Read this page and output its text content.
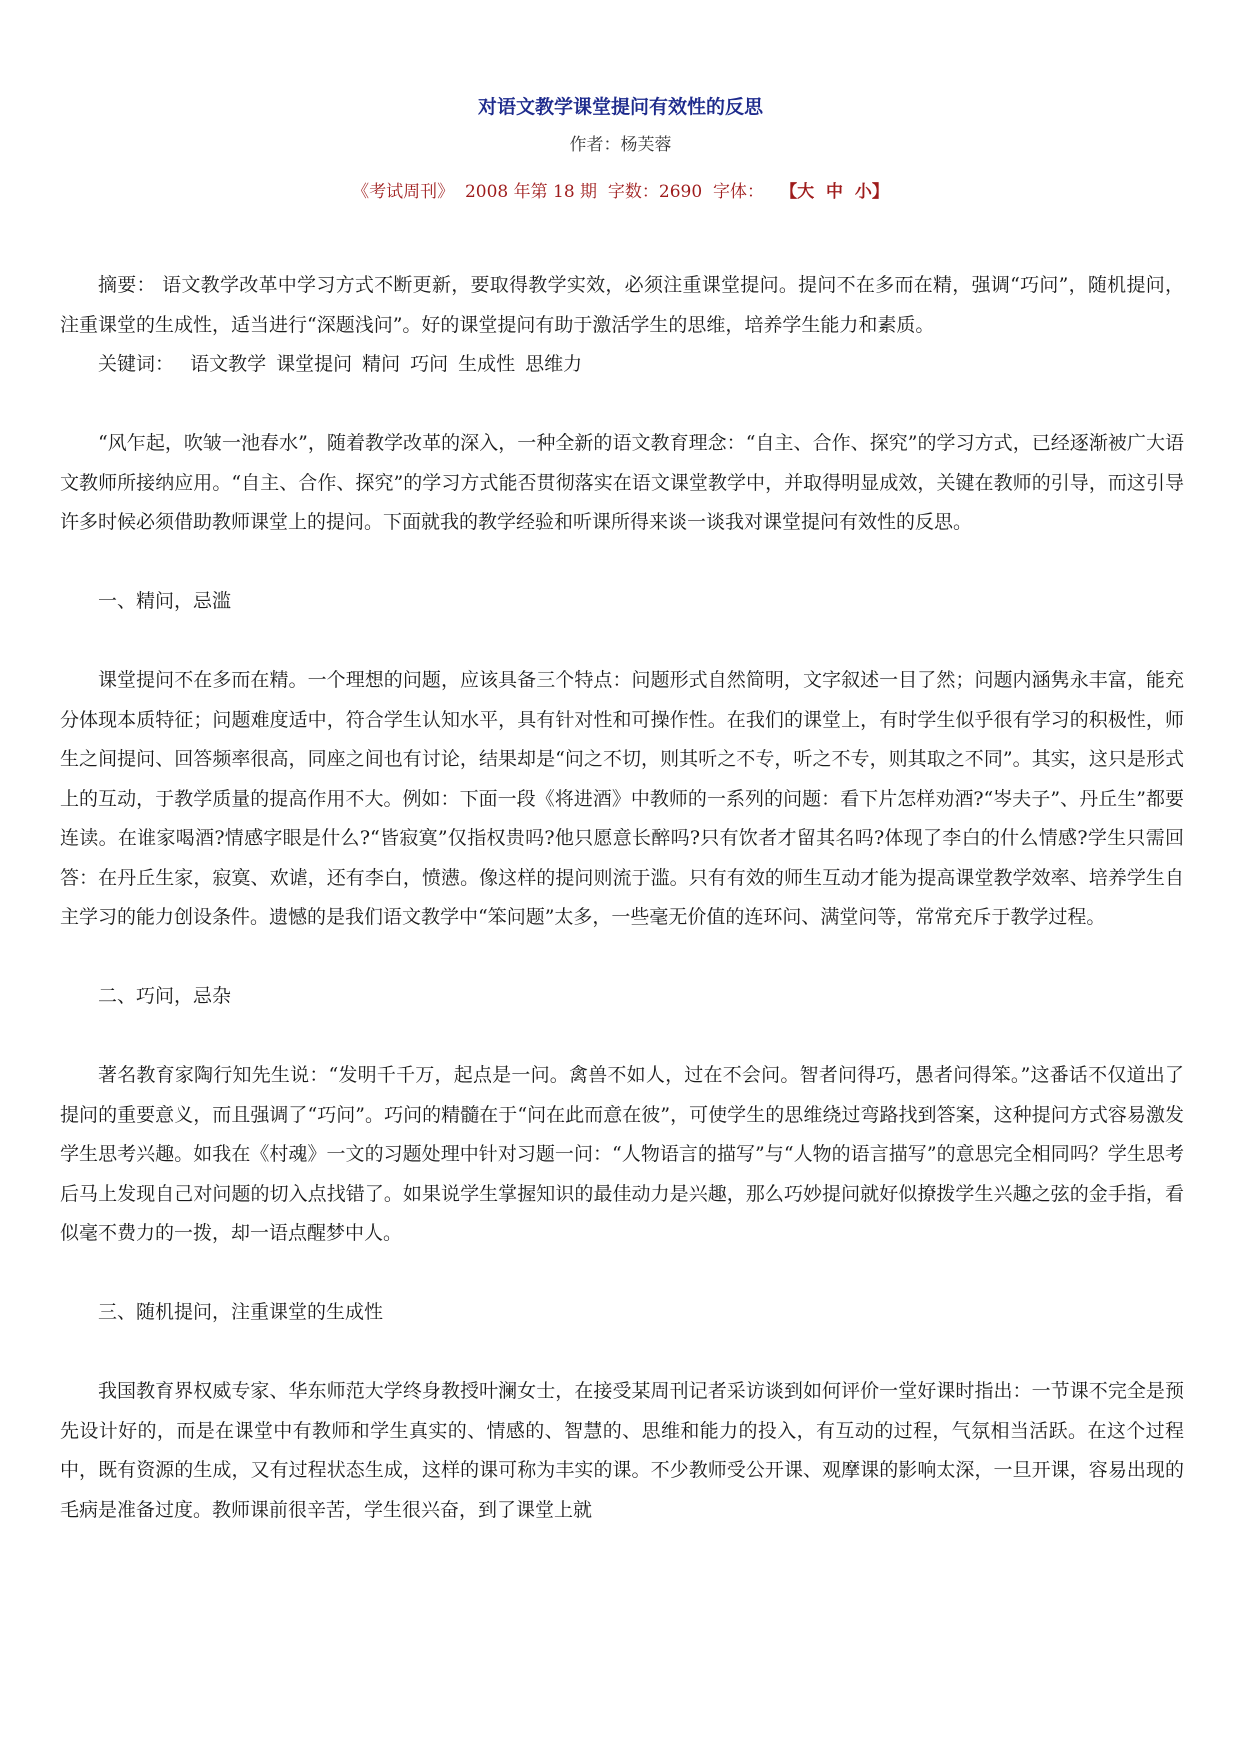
对语文教学课堂提问有效性的反思
作者：杨芙蓉
《考试周刊》 2008 年第 18 期 字数：2690 字体： 【大 中 小】

摘要： 语文教学改革中学习方式不断更新，要取得教学实效，必须注重课堂提问。提问不在多而在精，强调“巧问”，随机提问，注重课堂的生成性，适当进行“深题浅问”。好的课堂提问有助于激活学生的思维，培养学生能力和素质。

关键词： 语文教学 课堂提问 精问 巧问 生成性 思维力

“风乍起，吹皱一池春水”，随着教学改革的深入，一种全新的语文教育理念：“自主、合作、探究”的学习方式，已经逐渐被广大语文教师所接纳应用。“自主、合作、探究”的学习方式能否贯彻落实在语文课堂教学中，并取得明显成效，关键在教师的引导，而这引导许多时候必须借助教师课堂上的提问。下面就我的教学经验和听课所得来谈一谈我对课堂提问有效性的反思。

一、精问，忌滥

课堂提问不在多而在精。一个理想的问题，应该具备三个特点：问题形式自然简明，文字叙述一目了然；问题内涵隽永丰富，能充分体现本质特征；问题难度适中，符合学生认知水平，具有针对性和可操作性。在我们的课堂上，有时学生似乎很有学习的积极性，师生之间提问、回答频率很高，同座之间也有讨论，结果却是“问之不切，则其听之不专，听之不专，则其取之不同”。其实，这只是形式上的互动，于教学质量的提高作用不大。例如：下面一段《将进酒》中教师的一系列的问题：看下片怎样劝酒?“岑夫子”、丹丘生”都要连读。在谁家喝酒?情感字眼是什么?“皆寂寞”仅指权贵吗?他只愿意长醉吗?只有饮者才留其名吗?体现了李白的什么情感?学生只需回答：在丹丘生家，寂寞、欢谑，还有李白，愤懑。像这样的提问则流于滥。只有有效的师生互动才能为提高课堂教学效率、培养学生自主学习的能力创设条件。遗憾的是我们语文教学中“笨问题”太多，一些毫无价值的连环问、满堂问等，常常充斥于教学过程。

二、巧问，忌杂

著名教育家陶行知先生说：“发明千千万，起点是一问。禽兽不如人，过在不会问。智者问得巧，愚者问得笨。”这番话不仅道出了提问的重要意义，而且强调了“巧问”。巧问的精髓在于“问在此而意在彼”，可使学生的思维绕过弯路找到答案，这种提问方式容易激发学生思考兴趣。如我在《村魂》一文的习题处理中针对习题一问：“人物语言的描写”与“人物的语言描写”的意思完全相同吗？学生思考后马上发现自己对问题的切入点找错了。如果说学生掌握知识的最佳动力是兴趣，那么巧妙提问就好似撩拨学生兴趣之弦的金手指，看似毫不费力的一拨，却一语点醒梦中人。

三、随机提问，注重课堂的生成性

我国教育界权威专家、华东师范大学终身教授叶澜女士，在接受某周刊记者采访谈到如何评价一堂好课时指出：一节课不完全是预先设计好的，而是在课堂中有教师和学生真实的、情感的、智慧的、思维和能力的投入，有互动的过程，气氛相当活跃。在这个过程中，既有资源的生成，又有过程状态生成，这样的课可称为丰实的课。不少教师受公开课、观摩课的影响太深，一旦开课，容易出现的毛病是准备过度。教师课前很辛苦，学生很兴奋，到了课堂上就
